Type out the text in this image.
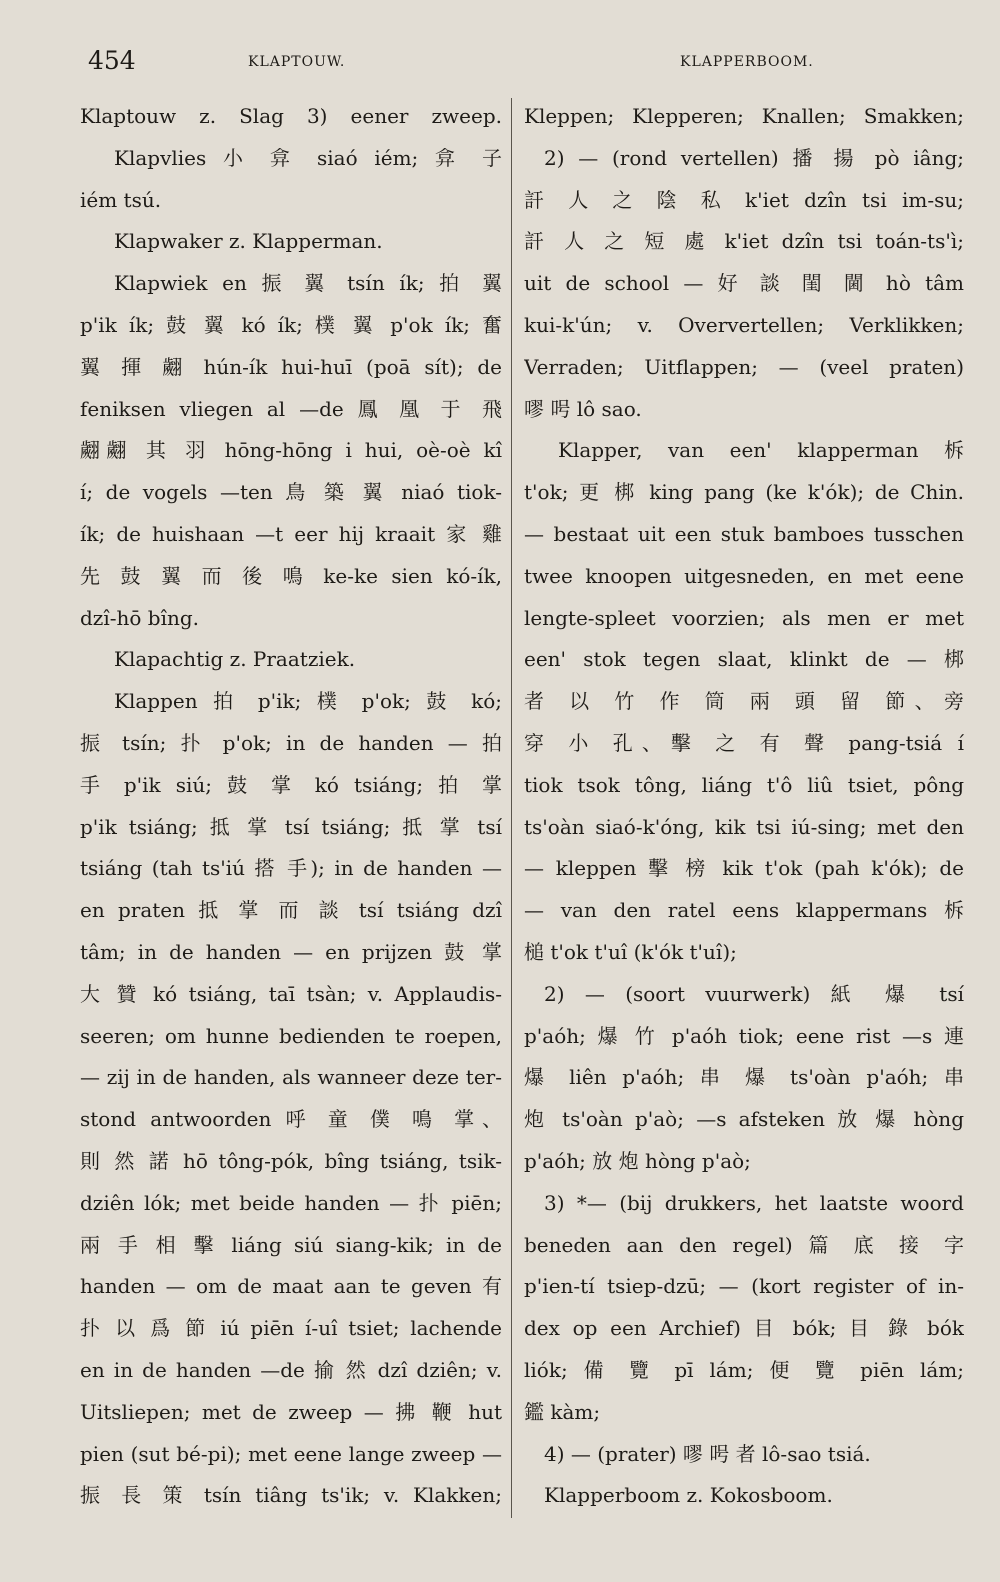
454	KLAPTOUW.	KLAPPERBOOM.
Klaptouw z. Slag 3) eener zweep.
Klapvlies 小 弇 siaó iém; 弇 子
iém tsú.
Klapwaker z. Klapperman.
Klapwiek en 振 翼 tsín ík; 拍 翼
p'ik ík; 鼓 翼 kó ík; 樸 翼 p'ok ík; 奮
翼 揮 翽 hún-ík hui-huī (poā sít); de
feniksen vliegen al —de 鳳 凰 于 飛
翽翽 其 羽 hōng-hōng i hui, oè-oè kî
í; de vogels —ten 鳥 築 翼 niaó tiok-
ík; de huishaan —t eer hij kraait 家 雞
先 鼓 翼 而 後 鳴 ke-ke sien kó-ík,
dzî-hō bîng.
Klapachtig z. Praatziek.
Klappen 拍 p'ik; 樸 p'ok; 鼓 kó;
振 tsín; 扑 p'ok; in de handen — 拍
手 p'ik siú; 鼓 掌 kó tsiáng; 拍 掌
p'ik tsiáng; 抵 掌 tsí tsiáng; 抵 掌 tsí
tsiáng (tah ts'iú 搭 手); in de handen —
en praten 抵 掌 而 談 tsí tsiáng dzî
tâm; in de handen — en prijzen 鼓 掌
大 贊 kó tsiáng, taī tsàn; v. Applaudis-
seeren; om hunne bedienden te roepen,
— zij in de handen, als wanneer deze ter-
stond antwoorden 呼 童 僕 鳴 掌、
則 然 諾 hō tông-pók, bîng tsiáng, tsik-
dziên lók; met beide handen — 扑 piēn;
兩 手 相 擊 liáng siú siang-kik; in de
handen — om de maat aan te geven 有
扑 以 爲 節 iú piēn í-uî tsiet; lachende
en in de handen —de 揄 然 dzî dziên; v.
Uitsliepen; met de zweep — 拂 鞭 hut
pien (sut bé-pi); met eene lange zweep —
振 長 策 tsín tiâng ts'ik; v. Klakken;
Kleppen; Klepperen; Knallen; Smakken;
2) — (rond vertellen) 播 揚 pò iâng;
訐 人 之 陰 私 k'iet dzîn tsi im-su;
訐 人 之 短 處 k'iet dzîn tsi toán-ts'ì;
uit de school — 好 談 閨 閫 hò tâm
kui-k'ún; v. Oververtellen; Verklikken;
Verraden; Uitflappen; — (veel praten)
嘐 呺 lô sao.
Klapper, van een' klapperman 柝
t'ok; 更 梆 king pang (ke k'ók); de Chin.
— bestaat uit een stuk bamboes tusschen
twee knoopen uitgesneden, en met eene
lengte-spleet voorzien; als men er met
een' stok tegen slaat, klinkt de — 梆
者 以 竹 作 筒 兩 頭 留 節、旁
穿 小 孔、擊 之 有 聲 pang-tsiá í
tiok tsok tông, liáng t'ô liû tsiet, pông
ts'oàn siaó-k'óng, kik tsi iú-sing; met den
— kleppen 擊 榜 kik t'ok (pah k'ók); de
— van den ratel eens klappermans 柝
槌 t'ok t'uî (k'ók t'uî);
2) — (soort vuurwerk) 紙 爆 tsí
p'aóh; 爆 竹 p'aóh tiok; eene rist —s 連
爆 liên p'aóh; 串 爆 ts'oàn p'aóh; 串
炮 ts'oàn p'aò; —s afsteken 放 爆 hòng
p'aóh; 放 炮 hòng p'aò;
3) *— (bij drukkers, het laatste woord
beneden aan den regel) 篇 底 接 字
p'ien-tí tsiep-dzū; — (kort register of in-
dex op een Archief) 目 bók; 目 錄 bók
liók; 備 覽 pī lám; 便 覽 piēn lám;
鑑 kàm;
4) — (prater) 嘐 呺 者 lô-sao tsiá.
Klapperboom z. Kokosboom.
